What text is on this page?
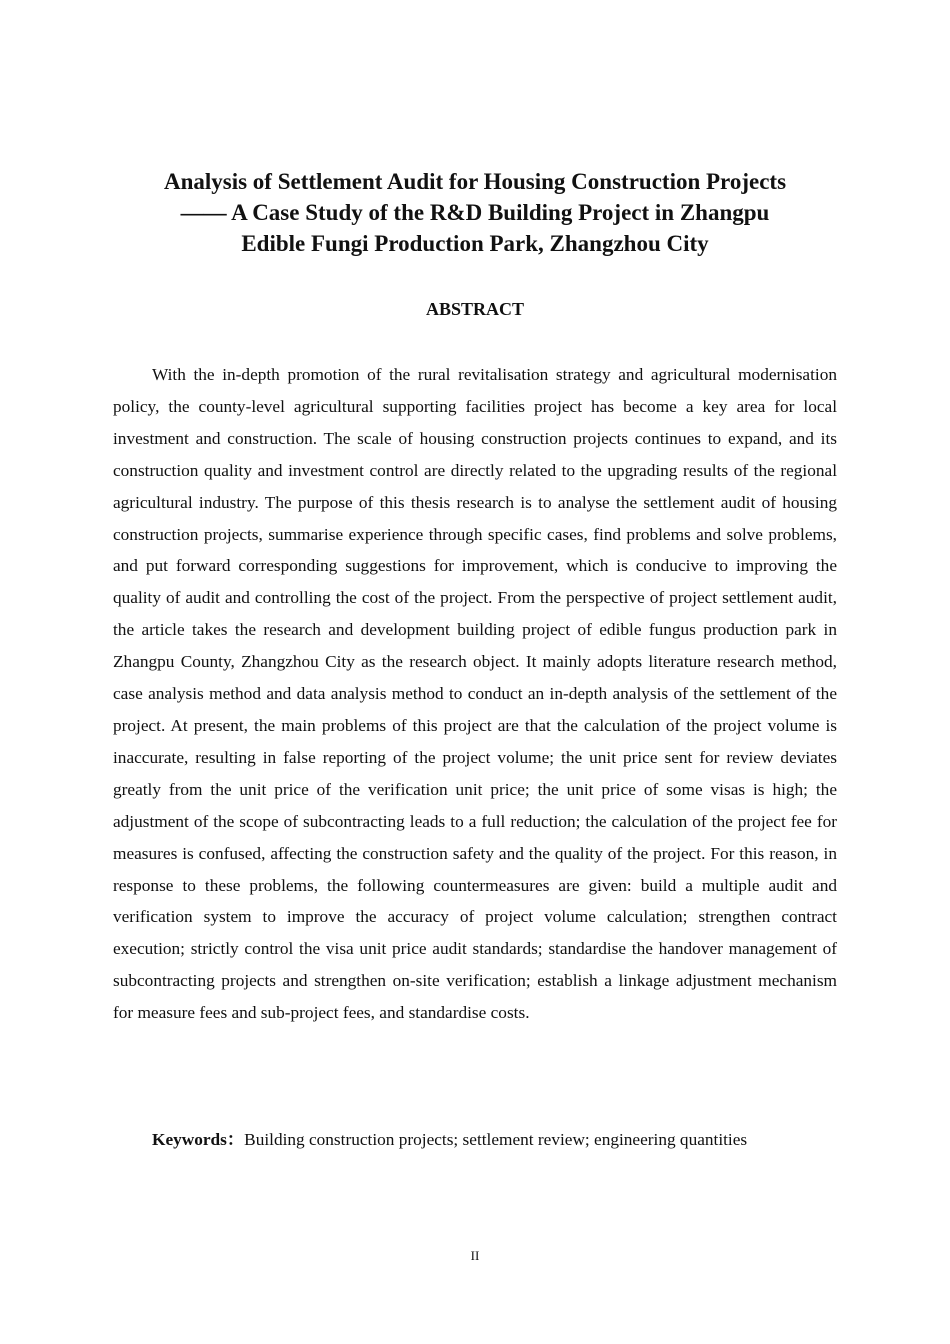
Analysis of Settlement Audit for Housing Construction Projects
—— A Case Study of the R&D Building Project in Zhangpu
Edible Fungi Production Park, Zhangzhou City
ABSTRACT

With the in-depth promotion of the rural revitalisation strategy and agricultural modernisation policy, the county-level agricultural supporting facilities project has become a key area for local investment and construction. The scale of housing construction projects continues to expand, and its construction quality and investment control are directly related to the upgrading results of the regional agricultural industry. The purpose of this thesis research is to analyse the settlement audit of housing construction projects, summarise experience through specific cases, find problems and solve problems, and put forward corresponding suggestions for improvement, which is conducive to improving the quality of audit and controlling the cost of the project. From the perspective of project settlement audit, the article takes the research and development building project of edible fungus production park in Zhangpu County, Zhangzhou City as the research object. It mainly adopts literature research method, case analysis method and data analysis method to conduct an in-depth analysis of the settlement of the project. At present, the main problems of this project are that the calculation of the project volume is inaccurate, resulting in false reporting of the project volume; the unit price sent for review deviates greatly from the unit price of the verification unit price; the unit price of some visas is high; the adjustment of the scope of subcontracting leads to a full reduction; the calculation of the project fee for measures is confused, affecting the construction safety and the quality of the project. For this reason, in response to these problems, the following countermeasures are given: build a multiple audit and verification system to improve the accuracy of project volume calculation; strengthen contract execution; strictly control the visa unit price audit standards; standardise the handover management of subcontracting projects and strengthen on-site verification; establish a linkage adjustment mechanism for measure fees and sub-project fees, and standardise costs.

Keywords：Building construction projects; settlement review; engineering quantities
II
